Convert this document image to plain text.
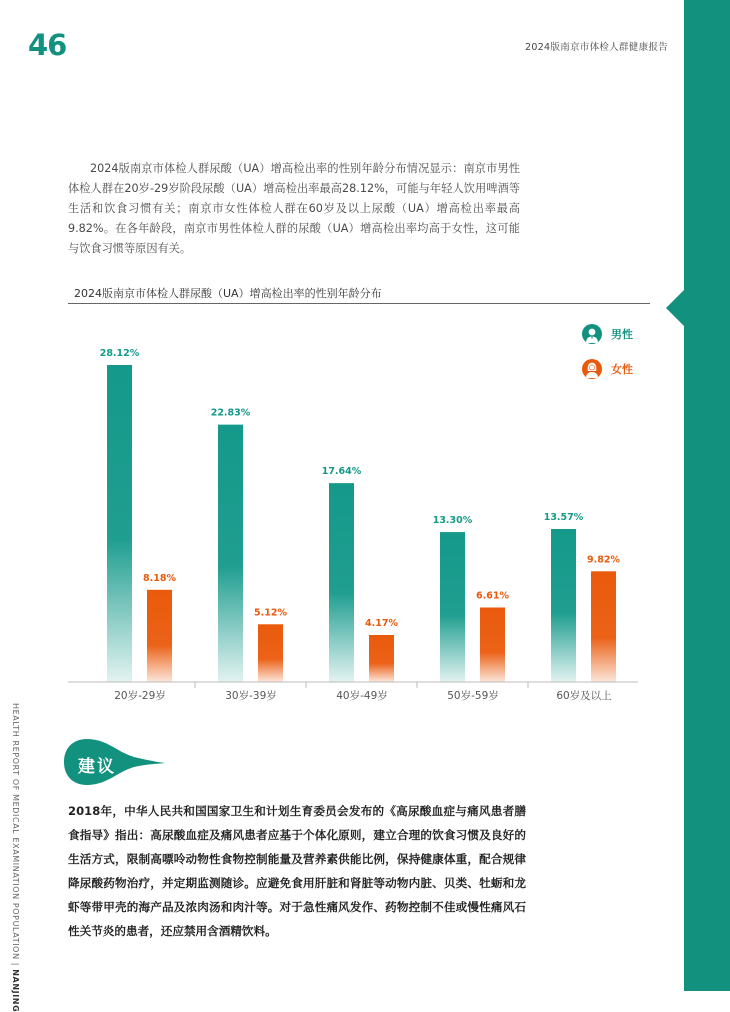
46	2024版南京市体检人群健康报告
HEALTH REPORT OF MEDICAL EXAMINATION POPULATION | NANJING

2024版南京市体检人群尿酸（UA）增高检出率的性别年龄分布情况显示：南京市男性体检人群在20岁-29岁阶段尿酸（UA）增高检出率最高28.12%，可能与年轻人饮用啤酒等生活和饮食习惯有关；南京市女性体检人群在60岁及以上尿酸（UA）增高检出率最高9.82%。在各年龄段，南京市男性体检人群的尿酸（UA）增高检出率均高于女性，这可能与饮食习惯等原因有关。

2024版南京市体检人群尿酸（UA）增高检出率的性别年龄分布
28.12%
8.18%
20岁-29岁
22.83%
5.12%
30岁-39岁
17.64%
4.17%
40岁-49岁
13.30%
6.61%
50岁-59岁
13.57%
9.82%
60岁及以上
男性
女性
建议

2018年，中华人民共和国国家卫生和计划生育委员会发布的《高尿酸血症与痛风患者膳食指导》指出：高尿酸血症及痛风患者应基于个体化原则，建立合理的饮食习惯及良好的生活方式，限制高嘌呤动物性食物控制能量及营养素供能比例，保持健康体重，配合规律降尿酸药物治疗，并定期监测随诊。应避免食用肝脏和肾脏等动物内脏、贝类、牡蛎和龙虾等带甲壳的海产品及浓肉汤和肉汁等。对于急性痛风发作、药物控制不佳或慢性痛风石性关节炎的患者，还应禁用含酒精饮料。
